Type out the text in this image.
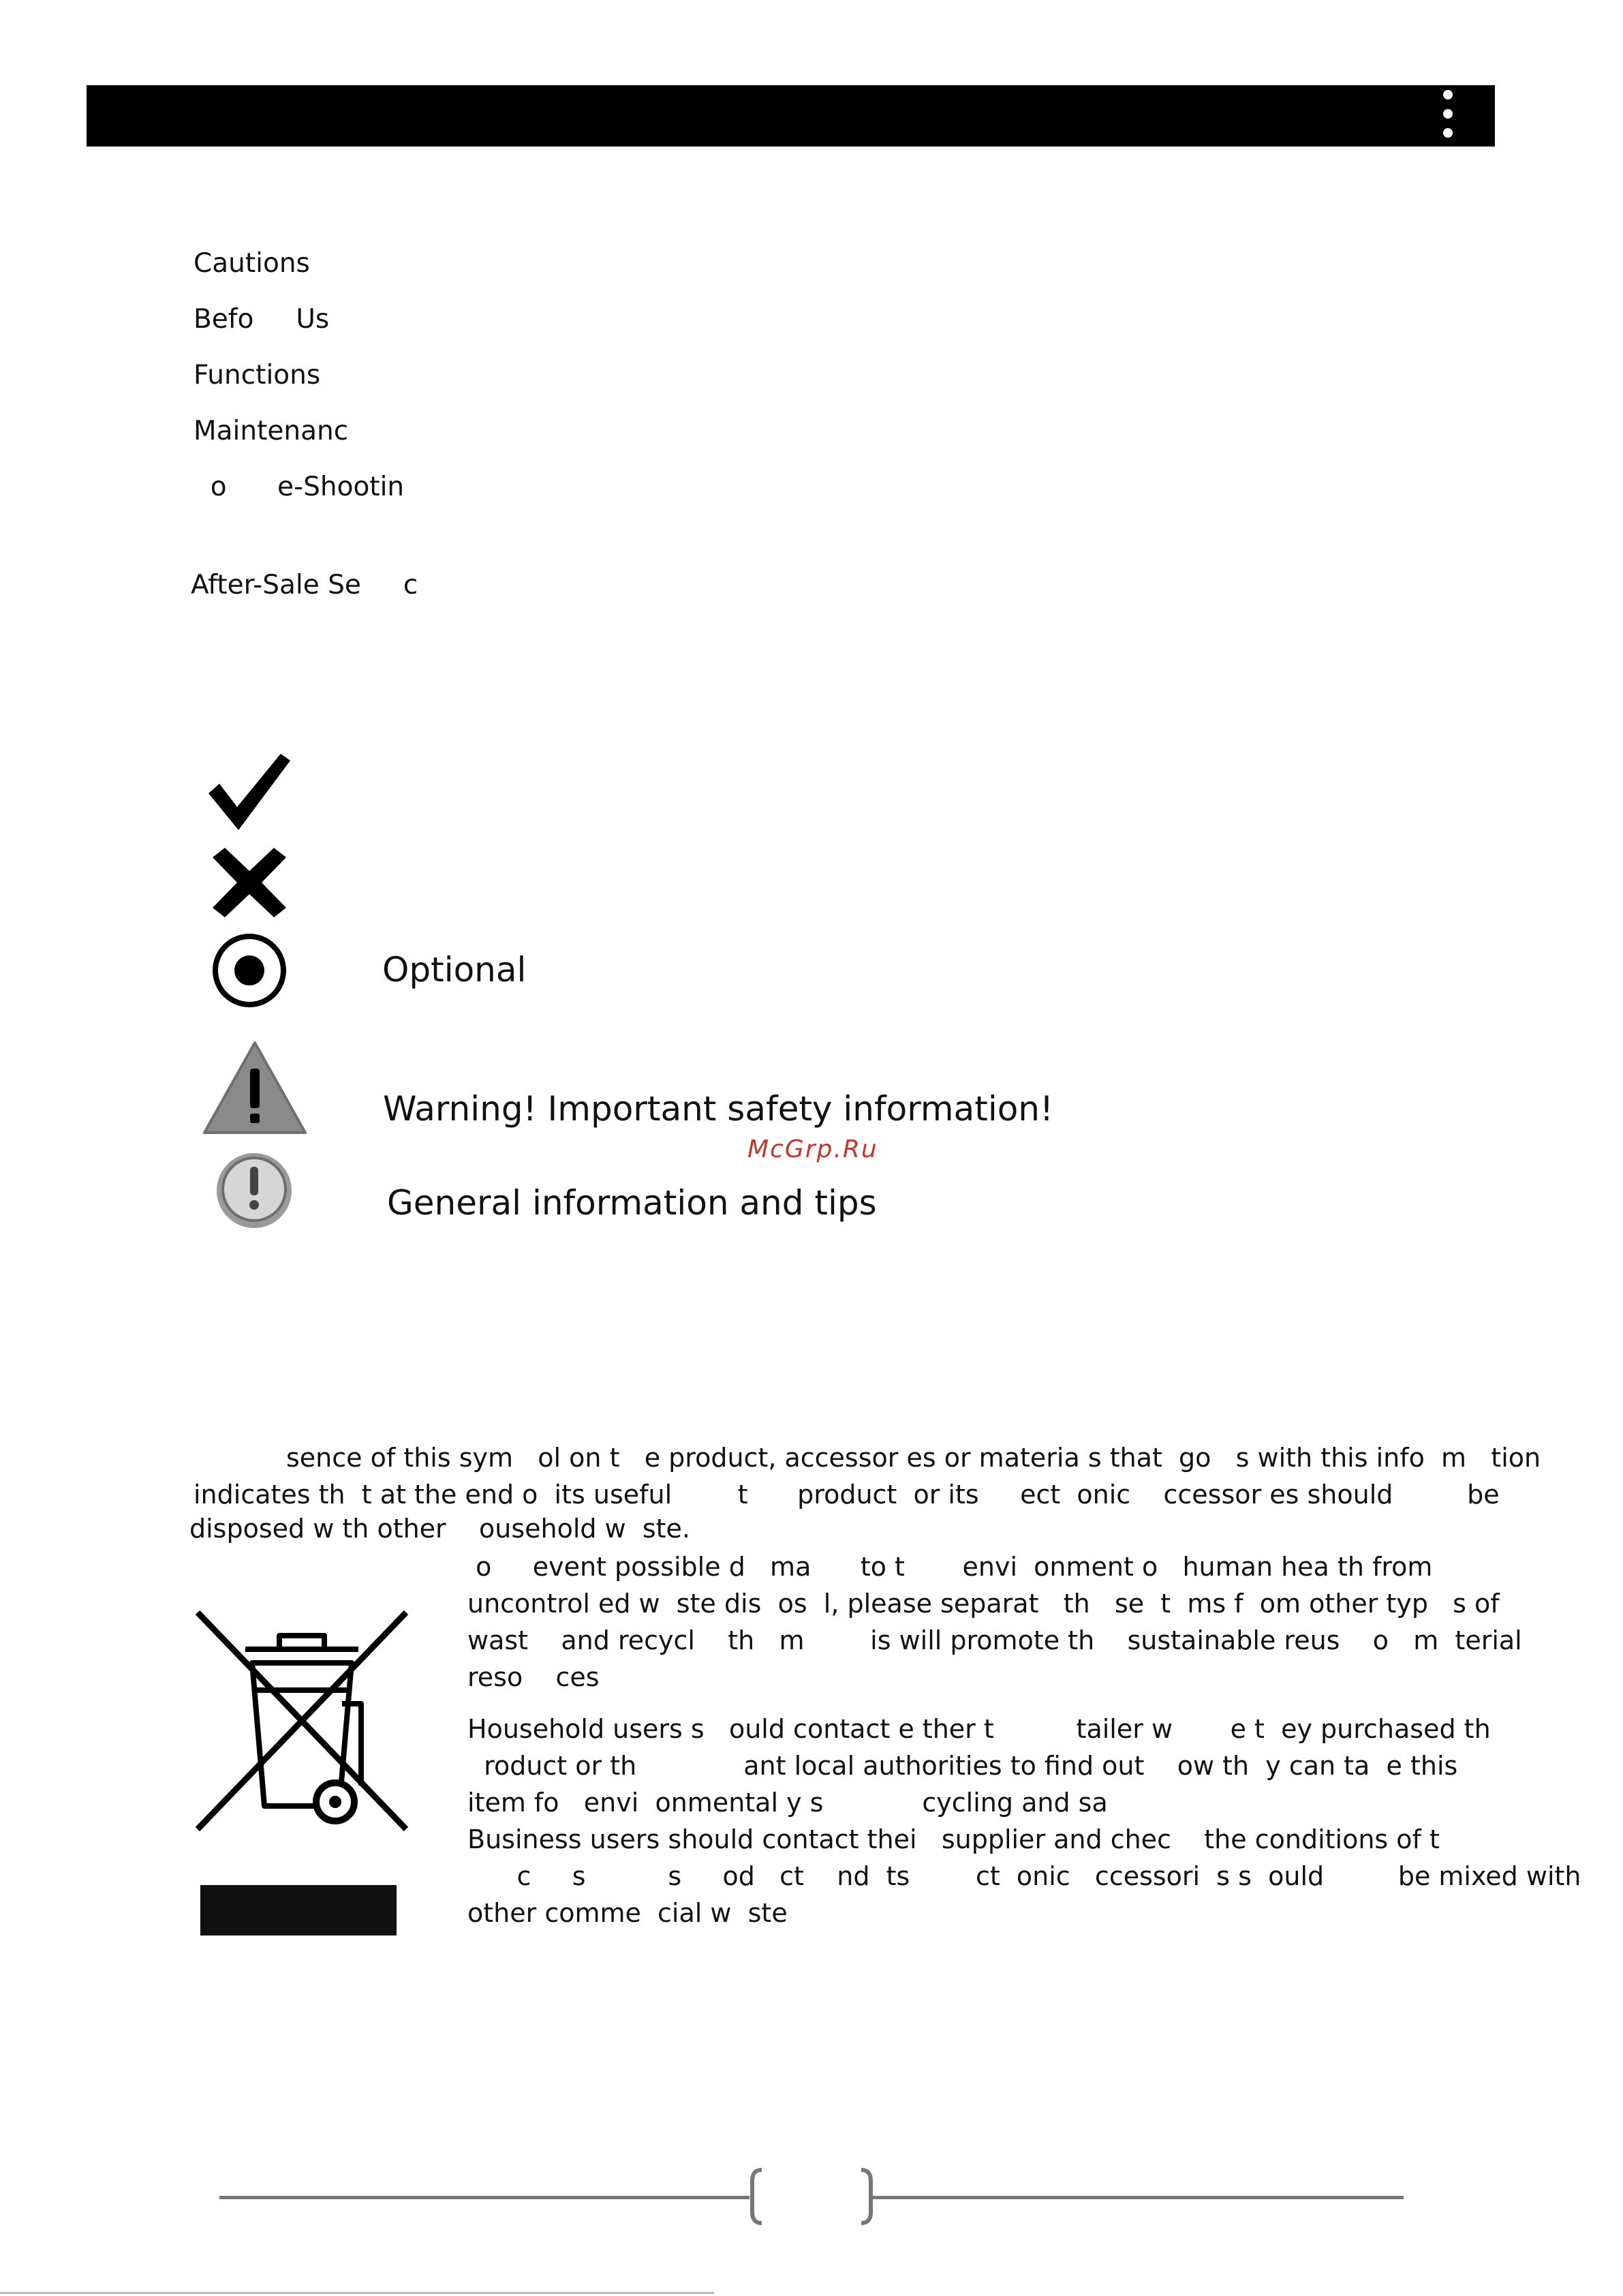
Cautions
Befo     Us
Functions
Maintenanc
o      e-Shootin
After-Sale Se     c
Optional
Warning! Important safety information!
McGrp.Ru
General information and tips
sence of this sym   ol on t   e product, accessor es or materia s that  go   s with this info  m   tion
indicates th  t at the end o  its useful        t      product  or its     ect  onic    ccessor es should         be
disposed w th other    ousehold w  ste.
o     event possible d   ma      to t       envi  onment o   human hea th from
uncontrol ed w  ste dis  os  l, please separat   th   se  t  ms f  om other typ   s of
wast    and recycl    th   m        is will promote th    sustainable reus    o   m  terial
reso    ces
Household users s   ould contact e ther t          tailer w       e t  ey purchased th
roduct or th             ant local authorities to find out    ow th  y can ta  e this
item fo   envi  onmental y s            cycling and sa
Business users should contact thei   supplier and chec    the conditions of t
c     s          s     od   ct    nd  ts        ct  onic   ccessori  s s  ould         be mixed with
other comme  cial w  ste
